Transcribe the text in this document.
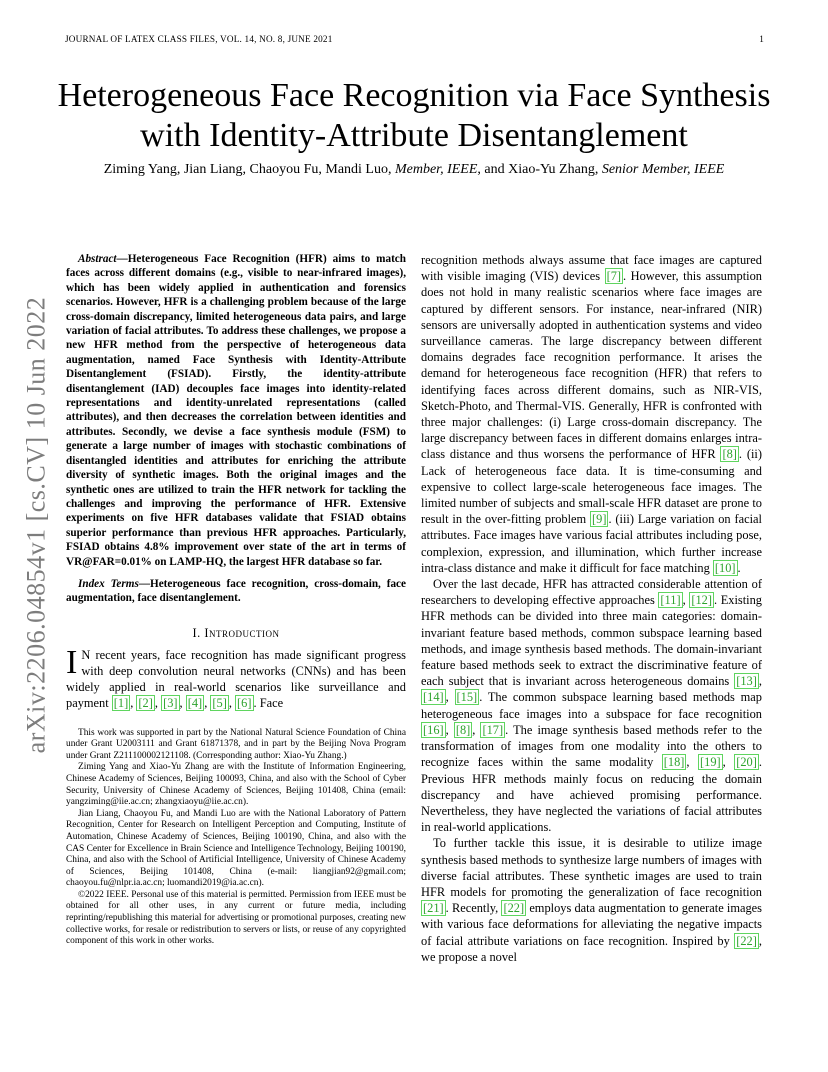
JOURNAL OF LATEX CLASS FILES, VOL. 14, NO. 8, JUNE 2021	1
arXiv:2206.04854v1 [cs.CV] 10 Jun 2022
Heterogeneous Face Recognition via Face Synthesis with Identity-Attribute Disentanglement
Ziming Yang, Jian Liang, Chaoyou Fu, Mandi Luo, Member, IEEE, and Xiao-Yu Zhang, Senior Member, IEEE

Abstract—Heterogeneous Face Recognition (HFR) aims to match faces across different domains (e.g., visible to near-infrared images), which has been widely applied in authentication and forensics scenarios. However, HFR is a challenging problem because of the large cross-domain discrepancy, limited heterogeneous data pairs, and large variation of facial attributes. To address these challenges, we propose a new HFR method from the perspective of heterogeneous data augmentation, named Face Synthesis with Identity-Attribute Disentanglement (FSIAD). Firstly, the identity-attribute disentanglement (IAD) decouples face images into identity-related representations and identity-unrelated representations (called attributes), and then decreases the correlation between identities and attributes. Secondly, we devise a face synthesis module (FSM) to generate a large number of images with stochastic combinations of disentangled identities and attributes for enriching the attribute diversity of synthetic images. Both the original images and the synthetic ones are utilized to train the HFR network for tackling the challenges and improving the performance of HFR. Extensive experiments on five HFR databases validate that FSIAD obtains superior performance than previous HFR approaches. Particularly, FSIAD obtains 4.8% improvement over state of the art in terms of VR@FAR=0.01% on LAMP-HQ, the largest HFR database so far.

Index Terms—Heterogeneous face recognition, cross-domain, face augmentation, face disentanglement.

I. Introduction

I N recent years, face recognition has made significant progress with deep convolution neural networks (CNNs) and has been widely applied in real-world scenarios like surveillance and payment [1] , [2] , [3] , [4] , [5] , [6] . Face

This work was supported in part by the National Natural Science Foundation of China under Grant U2003111 and Grant 61871378, and in part by the Beijing Nova Program under Grant Z211100002121108. (Corresponding author: Xiao-Yu Zhang.)

Ziming Yang and Xiao-Yu Zhang are with the Institute of Information Engineering, Chinese Academy of Sciences, Beijing 100093, China, and also with the School of Cyber Security, University of Chinese Academy of Sciences, Beijing 101408, China (email: yangziming@iie.ac.cn; zhangxiaoyu@iie.ac.cn).

Jian Liang, Chaoyou Fu, and Mandi Luo are with the National Laboratory of Pattern Recognition, Center for Research on Intelligent Perception and Computing, Institute of Automation, Chinese Academy of Sciences, Beijing 100190, China, and also with the CAS Center for Excellence in Brain Science and Intelligence Technology, Beijing 100190, China, and also with the School of Artificial Intelligence, University of Chinese Academy of Sciences, Beijing 101408, China (e-mail: liangjian92@gmail.com; chaoyou.fu@nlpr.ia.ac.cn; luomandi2019@ia.ac.cn).

©2022 IEEE. Personal use of this material is permitted. Permission from IEEE must be obtained for all other uses, in any current or future media, including reprinting/republishing this material for advertising or promotional purposes, creating new collective works, for resale or redistribution to servers or lists, or reuse of any copyrighted component of this work in other works.

recognition methods always assume that face images are captured with visible imaging (VIS) devices [7] . However, this assumption does not hold in many realistic scenarios where face images are captured by different sensors. For instance, near-infrared (NIR) sensors are universally adopted in authentication systems and video surveillance cameras. The large discrepancy between different domains degrades face recognition performance. It arises the demand for heterogeneous face recognition (HFR) that refers to identifying faces across different domains, such as NIR-VIS, Sketch-Photo, and Thermal-VIS. Generally, HFR is confronted with three major challenges: (i) Large cross-domain discrepancy. The large discrepancy between faces in different domains enlarges intra-class distance and thus worsens the performance of HFR [8] . (ii) Lack of heterogeneous face data. It is time-consuming and expensive to collect large-scale heterogeneous face images. The limited number of subjects and small-scale HFR dataset are prone to result in the over-fitting problem [9] . (iii) Large variation on facial attributes. Face images have various facial attributes including pose, complexion, expression, and illumination, which further increase intra-class distance and make it difficult for face matching [10] .

Over the last decade, HFR has attracted considerable attention of researchers to developing effective approaches [11] , [12] . Existing HFR methods can be divided into three main categories: domain-invariant feature based methods, common subspace learning based methods, and image synthesis based methods. The domain-invariant feature based methods seek to extract the discriminative feature of each subject that is invariant across heterogeneous domains [13] , [14] , [15] . The common subspace learning based methods map heterogeneous face images into a subspace for face recognition [16] , [8] , [17] . The image synthesis based methods refer to the transformation of images from one modality into the others to recognize faces within the same modality [18] , [19] , [20] . Previous HFR methods mainly focus on reducing the domain discrepancy and have achieved promising performance. Nevertheless, they have neglected the variations of facial attributes in real-world applications.

To further tackle this issue, it is desirable to utilize image synthesis based methods to synthesize large numbers of images with diverse facial attributes. These synthetic images are used to train HFR models for promoting the generalization of face recognition [21] . Recently, [22] employs data augmentation to generate images with various face deformations for alleviating the negative impacts of facial attribute variations on face recognition. Inspired by [22] , we propose a novel
